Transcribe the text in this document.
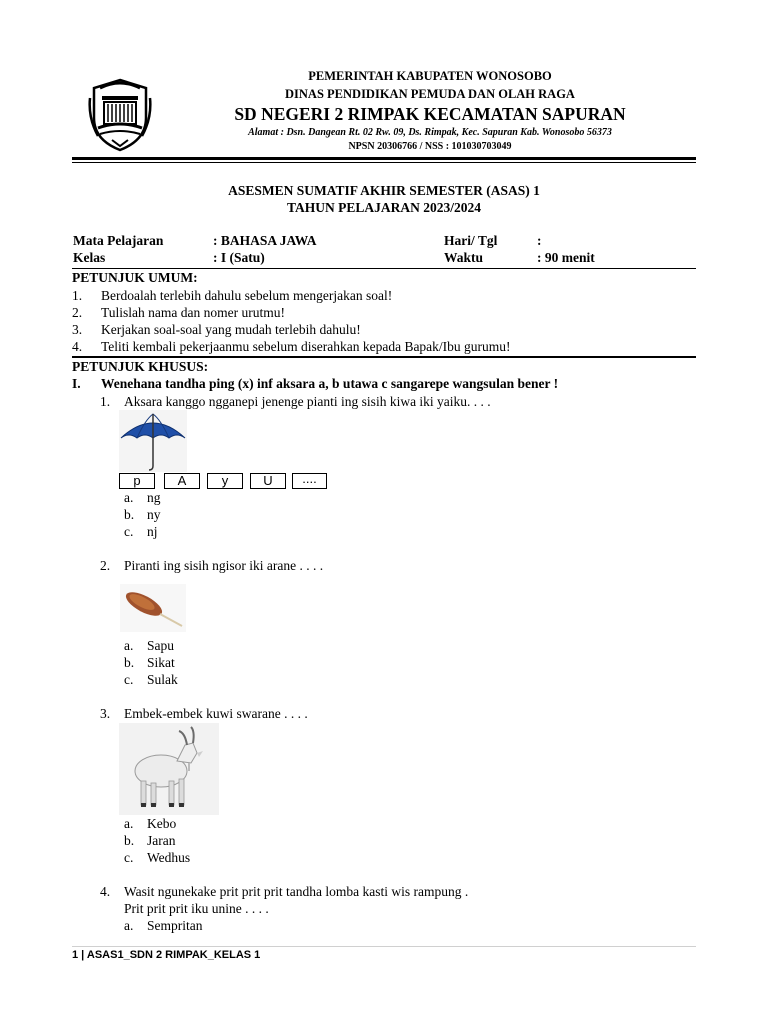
PEMERINTAH KABUPATEN WONOSOBO
DINAS PENDIDIKAN PEMUDA DAN OLAH RAGA
SD NEGERI 2 RIMPAK KECAMATAN SAPURAN
Alamat : Dsn. Dangean Rt. 02 Rw. 09, Ds. Rimpak, Kec. Sapuran Kab. Wonosobo 56373
NPSN 20306766 / NSS : 101030703049
ASESMEN SUMATIF AKHIR SEMESTER (ASAS) 1
TAHUN PELAJARAN 2023/2024
Mata Pelajaran	: BAHASA JAWA	Hari/ Tgl	:
Kelas	: I (Satu)	Waktu	: 90 menit
PETUNJUK UMUM:
1. Berdoalah terlebih dahulu sebelum mengerjakan soal!
2. Tulislah nama dan nomer urutmu!
3. Kerjakan soal-soal yang mudah terlebih dahulu!
4. Teliti kembali pekerjaanmu sebelum diserahkan kepada Bapak/Ibu gurumu!
PETUNJUK KHUSUS:
I. Wenehana tandha ping (x) inf aksara a, b utawa c sangarepe wangsulan bener !
1. Aksara kanggo ngganepi jenenge pianti ing sisih kiwa iki yaiku. . . .
p	A	y	U	....
a. ng
b. ny
c. nj
2. Piranti ing sisih ngisor iki arane . . . .
a. Sapu
b. Sikat
c. Sulak
3. Embek-embek kuwi swarane . . . .
a. Kebo
b. Jaran
c. Wedhus
4. Wasit ngunekake prit prit prit tandha lomba kasti wis rampung .
Prit prit prit iku unine . . . .
a. Sempritan
1 | ASAS1_SDN 2 RIMPAK_KELAS 1
